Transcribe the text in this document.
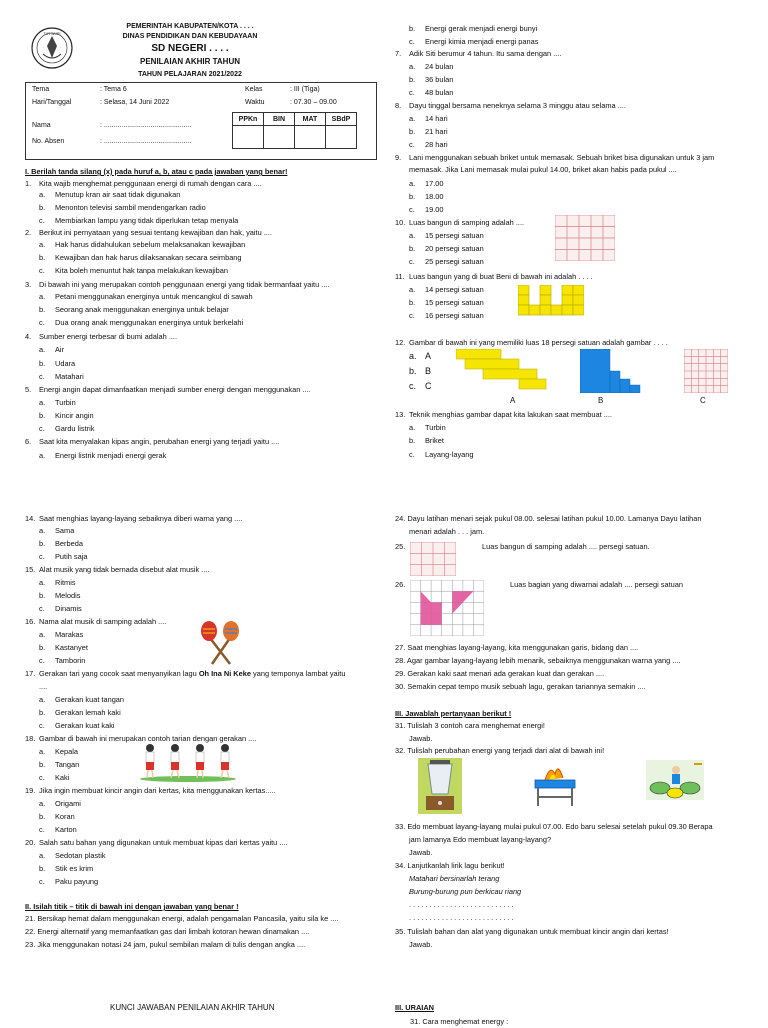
TUT WURI
PEMERINTAH KABUPATEN/KOTA . . . .
DINAS PENDIDIKAN DAN KEBUDAYAAN
SD NEGERI . . . .
PENILAIAN AKHIR TAHUN
TAHUN PELAJARAN 2021/2022
Tema	: Tema 6	Kelas	: III (Tiga)
Hari/Tanggal	: Selasa, 14 Juni 2022	Waktu	: 07.30 – 09.00
Nama	: .............................................
No. Absen	: .............................................
PPKn	BIN	MAT	SBdP

I. Berilah tanda silang (x) pada huruf a, b, atau c pada jawaban yang benar!
1. Kita wajib menghemat penggunaan energi di rumah dengan cara ....
a. Menutup kran air saat tidak digunakan
b. Menonton televisi sambil mendengarkan radio
c. Membiarkan lampu yang tidak diperlukan tetap menyala
2. Berikut ini pernyataan yang sesuai tentang kewajiban dan hak, yaitu ....
a. Hak harus didahulukan sebelum melaksanakan kewajiban
b. Kewajiban dan hak harus dilaksanakan secara seimbang
c. Kita boleh menuntut hak tanpa melakukan kewajiban
3. Di bawah ini yang merupakan contoh penggunaan energi yang tidak bermanfaat yaitu ....
a. Petani menggunakan energinya untuk mencangkul di sawah
b. Seorang anak menggunakan energinya untuk belajar
c. Dua orang anak menggunakan energinya untuk berkelahi
4. Sumber energi terbesar di bumi adalah ....
a. Air
b. Udara
c. Matahari
5. Energi angin dapat dimanfaatkan menjadi sumber energi dengan menggunakan ....
a. Turbin
b. Kincir angin
c. Gardu listrik
6. Saat kita menyalakan kipas angin, perubahan energi yang terjadi yaitu ....
a. Energi listrik menjadi energi gerak
b. Energi gerak menjadi energi bunyi
c. Energi kimia menjadi energi panas
7. Adik Siti berumur 4 tahun. Itu sama dengan ....
a. 24 bulan
b. 36 bulan
c. 48 bulan
8. Dayu tinggal bersama neneknya selama 3 minggu atau selama ....
a. 14 hari
b. 21 hari
c. 28 hari
9. Lani menggunakan sebuah briket untuk memasak. Sebuah briket bisa digunakan untuk 3 jam
memasak. Jika Lani memasak mulai pukul 14.00, briket akan habis pada pukul ....
a. 17.00
b. 18.00
c. 19.00
10. Luas bangun di samping adalah ....
a. 15 persegi satuan
b. 20 persegi satuan
c. 25 persegi satuan
11. Luas bangun yang di buat Beni di bawah ini adalah . . . .
a. 14 persegi satuan
b. 15 persegi satuan
c. 16 persegi satuan
12. Gambar di bawah ini yang memiliki luas 18 persegi satuan adalah gambar . . . .
a. A
b. B
c. C
A	B	C
13. Teknik menghias gambar dapat kita lakukan saat membuat ....
a. Turbin
b. Briket
c. Layang-layang
14. Saat menghias layang-layang sebaiknya diberi warna yang ....
a. Sama
b. Berbeda
c. Putih saja
15. Alat musik yang tidak bernada disebut alat musik ....
a. Ritmis
b. Melodis
c. Dinamis
16. Nama alat musik di samping adalah ....
a. Marakas
b. Kastanyet
c. Tamborin
17. Gerakan tari yang cocok saat menyanyikan lagu Oh Ina Ni Keke yang temponya lambat yaitu
....
a. Gerakan kuat tangan
b. Gerakan lemah kaki
c. Gerakan kuat kaki
18. Gambar di bawah ini merupakan contoh tarian dengan gerakan ....
a. Kepala
b. Tangan
c. Kaki
19. Jika ingin membuat kincir angin dari kertas, kita menggunakan kertas.....
a. Origami
b. Koran
c. Karton
20. Salah satu bahan yang digunakan untuk membuat kipas dari kertas yaitu ....
a. Sedotan plastik
b. Stik es krim
c. Paku payung
II. Isilah titik – titik di bawah ini dengan jawaban yang benar !
21. Bersikap hemat dalam menggunakan energi, adalah pengamalan Pancasila, yaitu sila ke ....
22. Energi alternatif yang memanfaatkan gas dari limbah kotoran hewan dinamakan ....
23. Jika menggunakan notasi 24 jam, pukul sembilan malam di tulis dengan angka ....
KUNCI JAWABAN PENILAIAN AKHIR TAHUN
24. Dayu latihan menari sejak pukul 08.00. selesai latihan pukul 10.00. Lamanya Dayu latihan
menari adalah . . . jam.
25.	Luas bangun di samping adalah .... persegi satuan.
26.	Luas bagian yang diwarnai adalah .... persegi satuan
27. Saat menghias layang-layang, kita menggunakan garis, bidang dan ....
28. Agar gambar layang-layang lebih menarik, sebaiknya menggunakan warna yang ....
29. Gerakan kaki saat menari ada gerakan kuat dan gerakan ....
30. Semakin cepat tempo musik sebuah lagu, gerakan tariannya semakin ....
III. Jawablah pertanyaan berikut !
31. Tulislah 3 contoh cara menghemat energi!
Jawab.
32. Tulislah perubahan energi yang terjadi dari alat di bawah ini!
33. Edo membuat layang-layang mulai pukul 07.00. Edo baru selesai setelah pukul 09.30 Berapa
jam lamanya Edo membuat layang-layang?
Jawab.
34. Lanjutkanlah lirik lagu berikut!
Matahari bersinarlah terang
Burung-burung pun berkicau riang
. . . . . . . . . . . . . . . . . . . . . . . . . .
. . . . . . . . . . . . . . . . . . . . . . . . . .
35. Tulislah bahan dan alat yang digunakan untuk membuat kincir angin dari kertas!
Jawab.
III. URAIAN
31. Cara menghemat energy :
